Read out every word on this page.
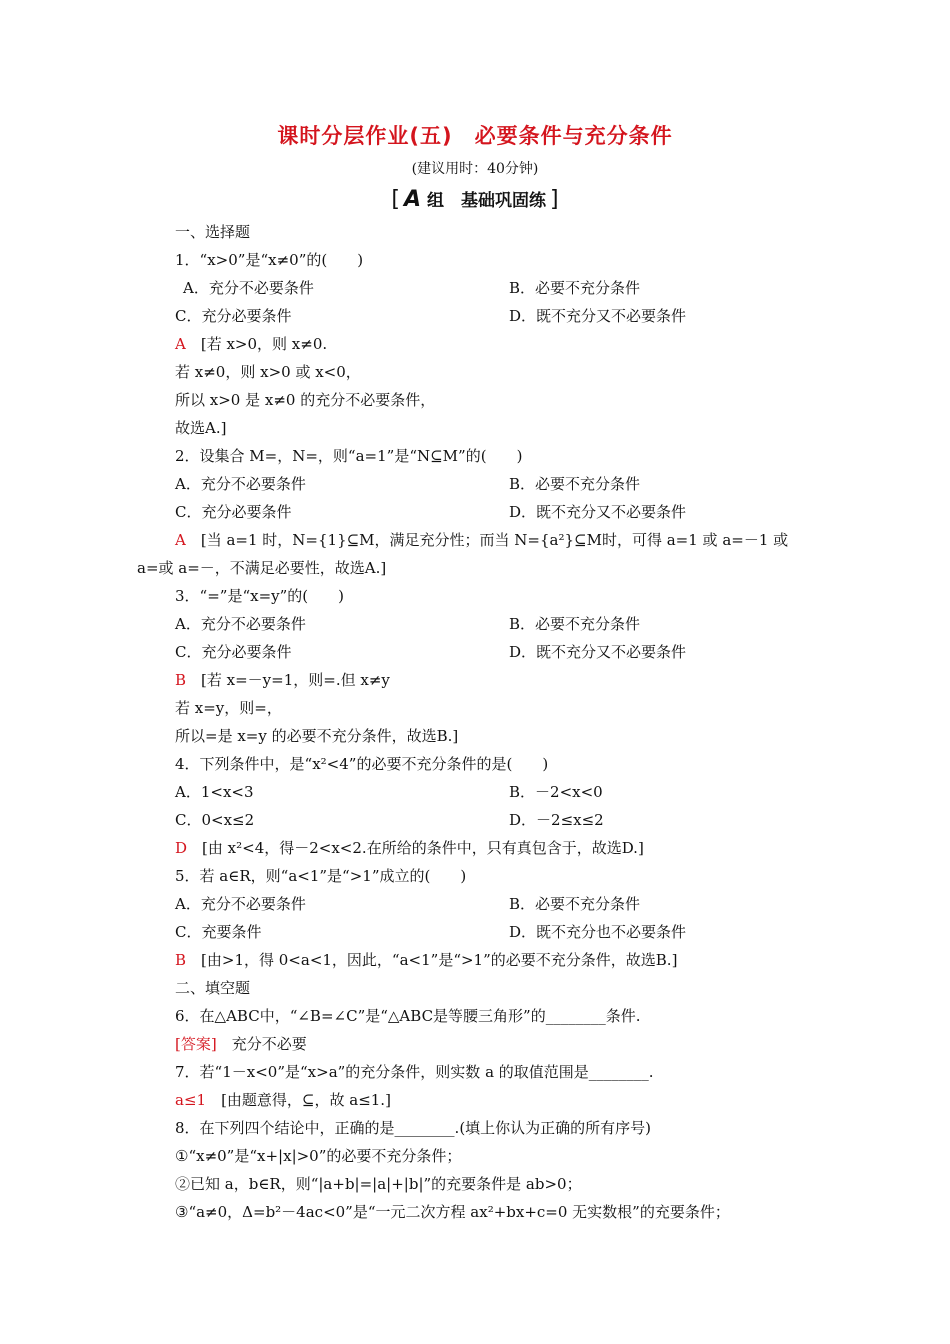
课时分层作业(五)　必要条件与充分条件
(建议用时：40分钟)
[ A 组　基础巩固练 ]
一、选择题
1．“x>0”是“x≠0”的(　　)
A．充分不必要条件	B．必要不充分条件
C．充分必要条件	D．既不充分又不必要条件
A　[若 x>0，则 x≠0.
若 x≠0，则 x>0 或 x<0，
所以 x>0 是 x≠0 的充分不必要条件，
故选A.]
2．设集合 M=，N=，则“a=1”是“N⊆M”的(　　)
A．充分不必要条件	B．必要不充分条件
C．充分必要条件	D．既不充分又不必要条件
A　[当 a=1 时，N={1}⊆M，满足充分性；而当 N={a²}⊆M时，可得 a=1 或 a=－1 或
a=或 a=－，不满足必要性，故选A.]
3．“=”是“x=y”的(　　)
A．充分不必要条件	B．必要不充分条件
C．充分必要条件	D．既不充分又不必要条件
B　[若 x=－y=1，则=.但 x≠y
若 x=y，则=，
所以=是 x=y 的必要不充分条件，故选B.]
4．下列条件中，是“x²<4”的必要不充分条件的是(　　)
A．1<x<3	B．－2<x<0
C．0<x≤2	D．－2≤x≤2
D　[由 x²<4，得－2<x<2.在所给的条件中，只有真包含于，故选D.]
5．若 a∈R，则“a<1”是“>1”成立的(　　)
A．充分不必要条件	B．必要不充分条件
C．充要条件	D．既不充分也不必要条件
B　[由>1，得 0<a<1，因此，“a<1”是“>1”的必要不充分条件，故选B.]
二、填空题
6．在△ABC中，“∠B=∠C”是“△ABC是等腰三角形”的________条件.
[答案]　充分不必要
7．若“1－x<0”是“x>a”的充分条件，则实数 a 的取值范围是________.
a≤1　[由题意得，⊆，故 a≤1.]
8．在下列四个结论中，正确的是________.(填上你认为正确的所有序号)
①“x≠0”是“x+|x|>0”的必要不充分条件；
②已知 a，b∈R，则“|a+b|=|a|+|b|”的充要条件是 ab>0；
③“a≠0，Δ=b²－4ac<0”是“一元二次方程 ax²+bx+c=0 无实数根”的充要条件；
